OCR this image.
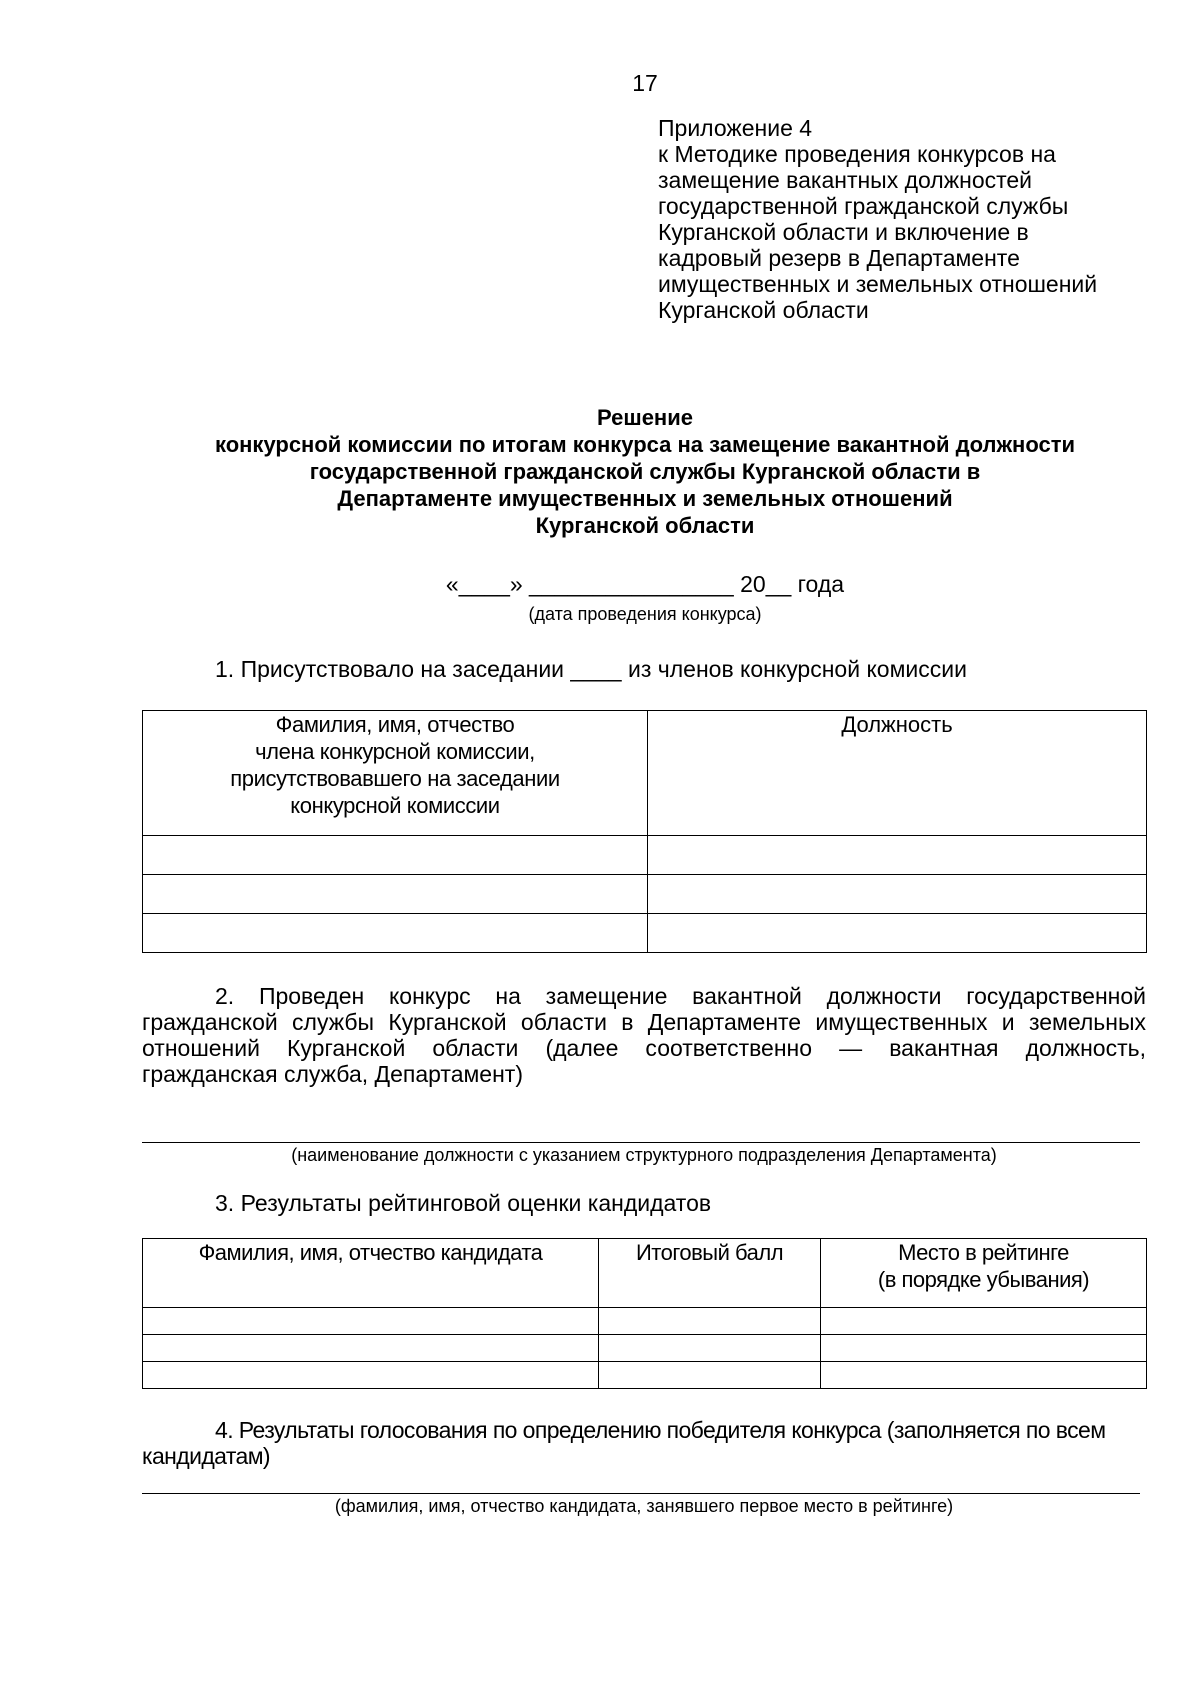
17
Приложение 4
к Методике проведения конкурсов на
замещение вакантных должностей
государственной гражданской службы
Курганской области и включение в
кадровый резерв в Департаменте
имущественных и земельных отношений
Курганской области
Решение
конкурсной комиссии по итогам конкурса на замещение вакантной должности
государственной гражданской службы Курганской области в
Департаменте имущественных и земельных отношений
Курганской области
«____» ________________ 20__ года
(дата проведения конкурса)
1. Присутствовало на заседании ____ из членов конкурсной комиссии
Фамилия, имя, отчество
члена конкурсной комиссии,
присутствовавшего на заседании
конкурсной комиссии	Должность

2. Проведен конкурс на замещение вакантной должности государственной
гражданской службы Курганской области в Департаменте имущественных и земельных
отношений Курганской области (далее соответственно — вакантная должность,
гражданская служба, Департамент)
(наименование должности с указанием структурного подразделения Департамента)
3. Результаты рейтинговой оценки кандидатов
Фамилия, имя, отчество кандидата	Итоговый балл	Место в рейтинге
(в порядке убывания)

4. Результаты голосования по определению победителя конкурса (заполняется по всем
кандидатам)
(фамилия, имя, отчество кандидата, занявшего первое место в рейтинге)
